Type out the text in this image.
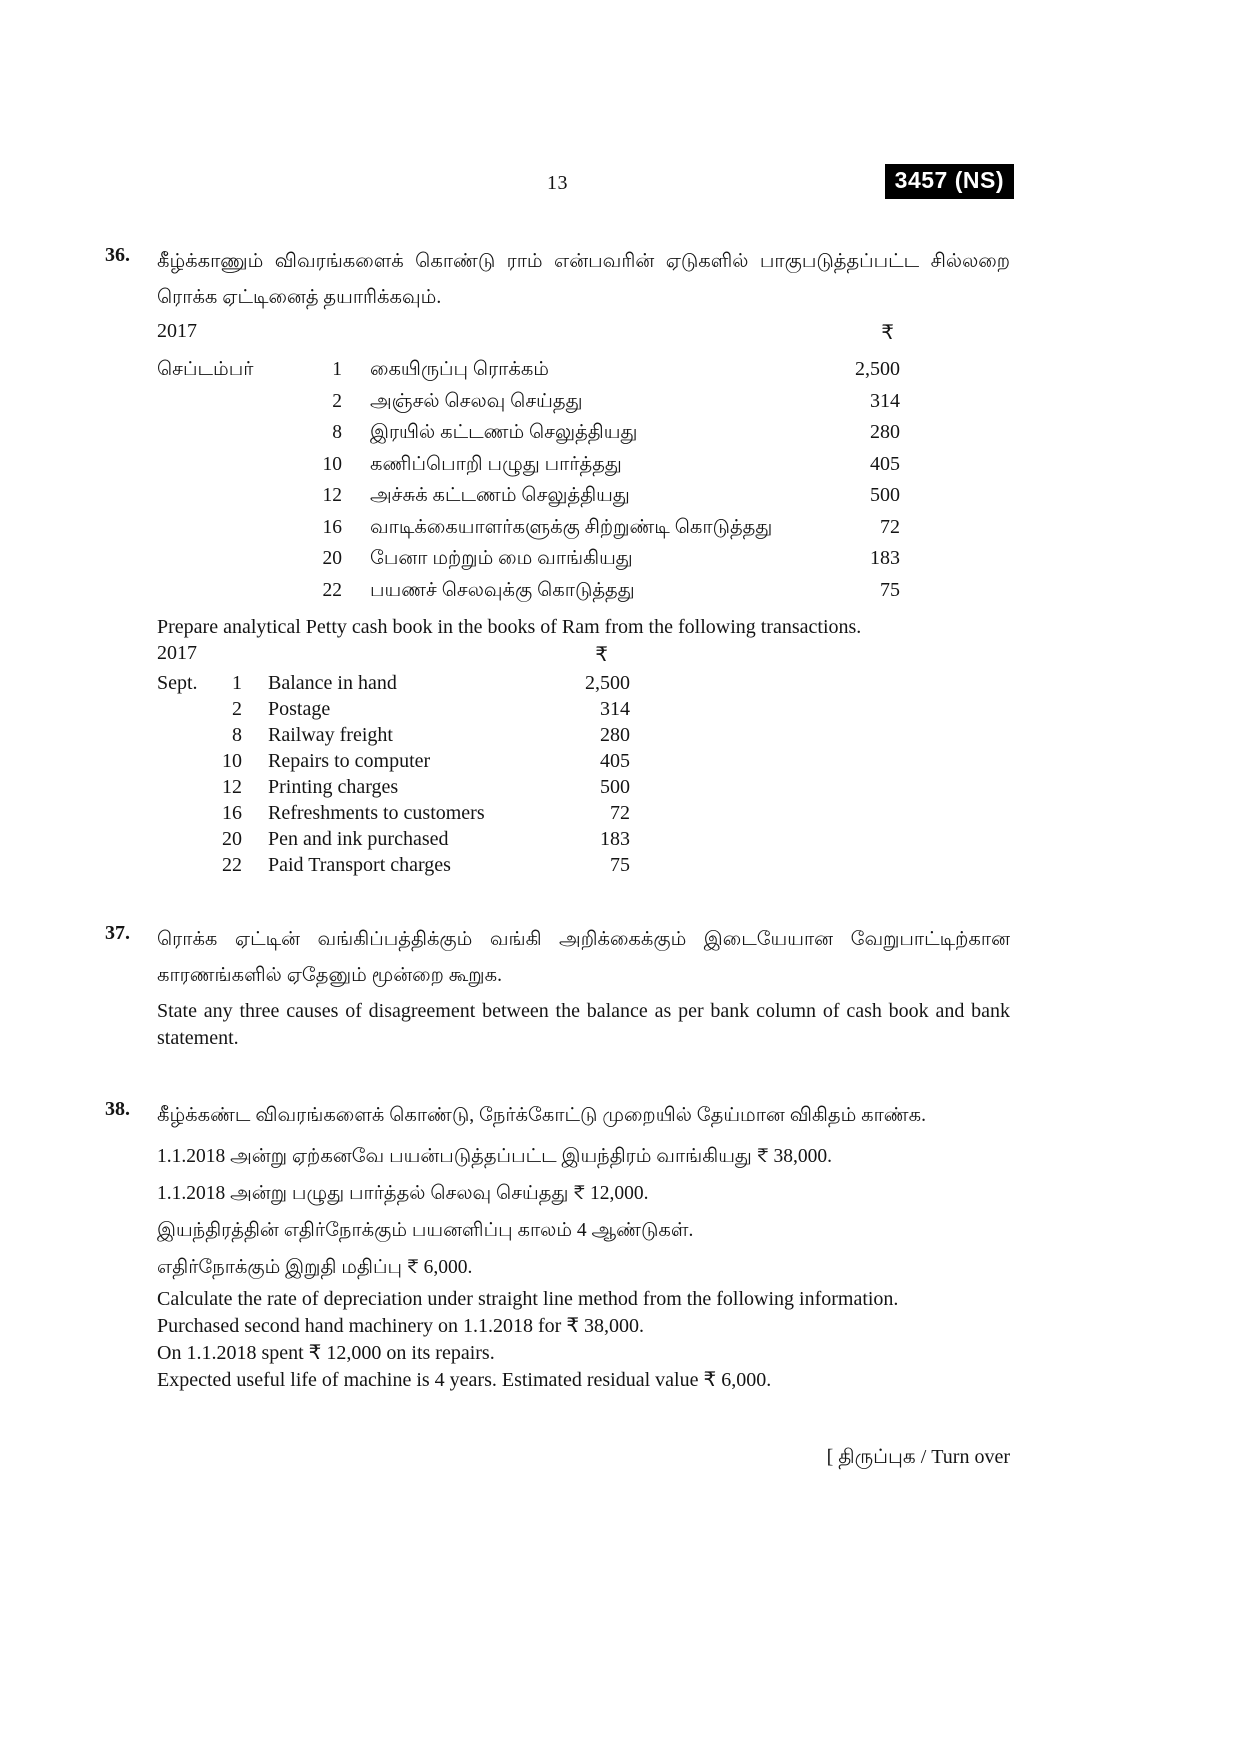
13	3457 (NS)
36.	கீழ்க்காணும் விவரங்களைக் கொண்டு ராம் என்பவரின் ஏடுகளில் பாகுபடுத்தப்பட்ட சில்லறை ரொக்க ஏட்டினைத் தயாரிக்கவும்.
2017	₹
செப்டம்பர்	1	கையிருப்பு ரொக்கம்	2,500
	2	அஞ்சல் செலவு செய்தது	314
	8	இரயில் கட்டணம் செலுத்தியது	280
	10	கணிப்பொறி பழுது பார்த்தது	405
	12	அச்சுக் கட்டணம் செலுத்தியது	500
	16	வாடிக்கையாளர்களுக்கு சிற்றுண்டி கொடுத்தது	72
	20	பேனா மற்றும் மை வாங்கியது	183
	22	பயணச் செலவுக்கு கொடுத்தது	75
Prepare analytical Petty cash book in the books of Ram from the following transactions.
2017	₹
Sept.	1	Balance in hand	2,500
	2	Postage	314
	8	Railway freight	280
	10	Repairs to computer	405
	12	Printing charges	500
	16	Refreshments to customers	72
	20	Pen and ink purchased	183
	22	Paid Transport charges	75
37.	ரொக்க ஏட்டின் வங்கிப்பத்திக்கும் வங்கி அறிக்கைக்கும் இடையேயான வேறுபாட்டிற்கான காரணங்களில் ஏதேனும் மூன்றை கூறுக.
State any three causes of disagreement between the balance as per bank column of cash book and bank statement.
38.	கீழ்க்கண்ட விவரங்களைக் கொண்டு, நேர்க்கோட்டு முறையில் தேய்மான விகிதம் காண்க.
1.1.2018 அன்று ஏற்கனவே பயன்படுத்தப்பட்ட இயந்திரம் வாங்கியது ₹ 38,000.
1.1.2018 அன்று பழுது பார்த்தல் செலவு செய்தது ₹ 12,000.
இயந்திரத்தின் எதிர்நோக்கும் பயனளிப்பு காலம் 4 ஆண்டுகள்.
எதிர்நோக்கும் இறுதி மதிப்பு ₹ 6,000.
Calculate the rate of depreciation under straight line method from the following information.
Purchased second hand machinery on 1.1.2018 for ₹ 38,000.
On 1.1.2018 spent ₹ 12,000 on its repairs.
Expected useful life of machine is 4 years. Estimated residual value ₹ 6,000.
[ திருப்புக / Turn over
